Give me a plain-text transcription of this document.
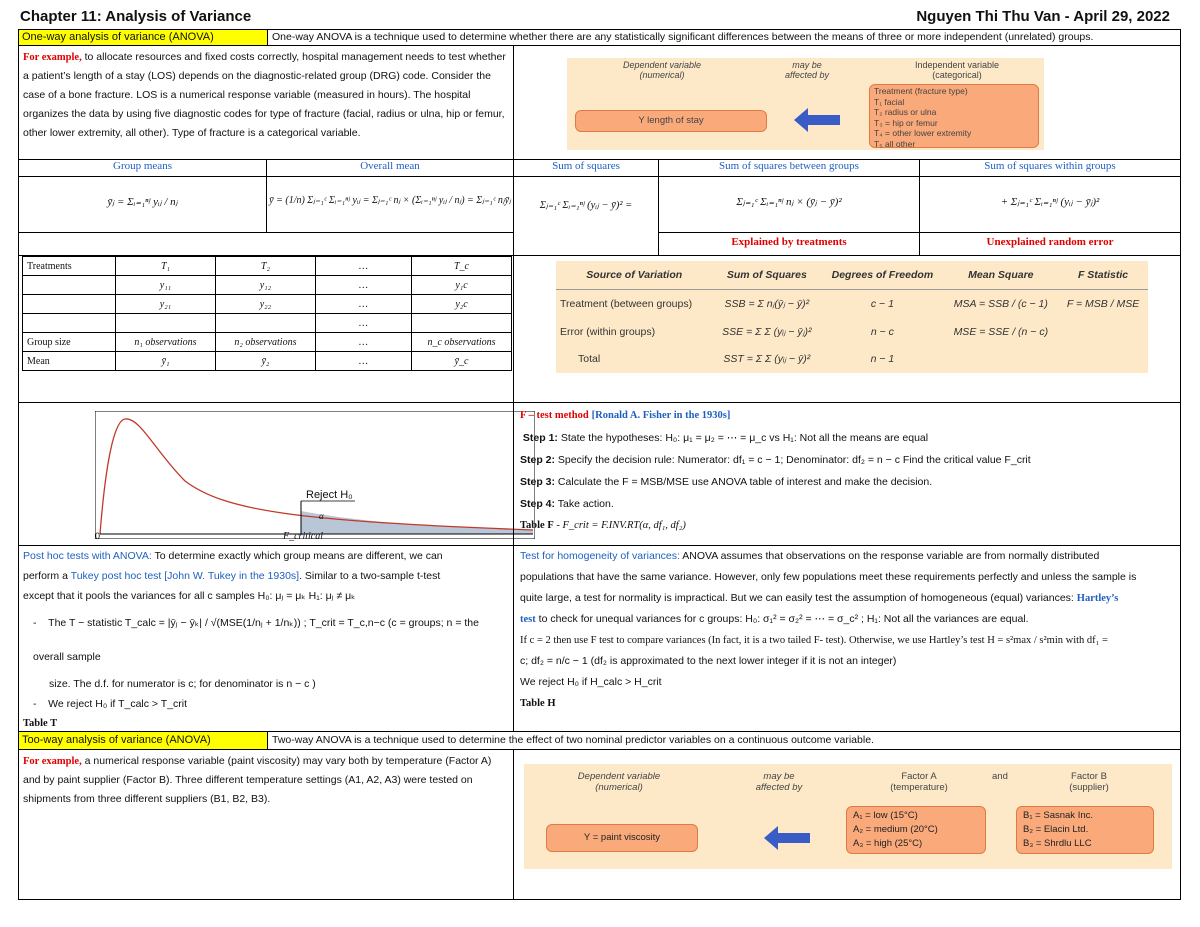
Chapter 11: Analysis of Variance	Nguyen Thi Thu Van - April 29, 2022
One-way analysis of variance (ANOVA)	One-way ANOVA is a technique used to determine whether there are any statistically significant differences between the means of three or more independent (unrelated) groups.
For example, to allocate resources and fixed costs correctly, hospital management needs to test whether a patient’s length of a stay (LOS) depends on the diagnostic-related group (DRG) code. Consider the case of a bone fracture. LOS is a numerical response variable (measured in hours). The hospital organizes the data by using five diagnostic codes for type of fracture (facial, radius or ulna, hip or femur, other lower extremity, all other). Type of fracture is a categorical variable.
Dependent variable
(numerical)
may be
affected by
Independent variable
(categorical)
Y length of stay
Treatment (fracture type)
T₁ facial
T₂ radius or ulna
T₃ = hip or femur
T₄ = other lower extremity
T₅ all other
Group means	Overall mean	Sum of squares	Sum of squares between groups	Sum of squares within groups
ȳⱼ = Σᵢ₌₁ⁿʲ yᵢⱼ / nⱼ	ȳ = (1/n) Σⱼ₌₁ᶜ Σᵢ₌₁ⁿʲ yᵢⱼ = Σⱼ₌₁ᶜ nⱼ × (Σᵢ₌₁ⁿʲ yᵢⱼ / nⱼ) = Σⱼ₌₁ᶜ nⱼȳⱼ	Σⱼ₌₁ᶜ Σᵢ₌₁ⁿʲ (yᵢⱼ − ȳ)² =	Σⱼ₌₁ᶜ Σᵢ₌₁ⁿʲ nⱼ × (ȳⱼ − ȳ)²	+ Σⱼ₌₁ᶜ Σᵢ₌₁ⁿʲ (yᵢⱼ − ȳⱼ)²
Explained by treatments	Unexplained random error
Treatments	T₁	T₂	…	T_c
	y₁₁	y₁₂	…	y₁c
	y₂₁	y₂₂	…	y₂c
			…	
Group size	n₁ observations	n₂ observations	…	n_c observations
Mean	ȳ₁	ȳ₂	…	ȳ_c
Source of Variation	Sum of Squares	Degrees of Freedom	Mean Square	F Statistic
Treatment (between groups)	SSB = Σ nⱼ(ȳⱼ − ȳ)²	c − 1	MSA = SSB / (c − 1)	F = MSB / MSE
Error (within groups)	SSE = Σ Σ (yᵢⱼ − ȳⱼ)²	n − c	MSE = SSE / (n − c)	
Total	SST = Σ Σ (yᵢⱼ − ȳ)²	n − 1		
Reject H₀
α
0	F_critical
F – test method [Ronald A. Fisher in the 1930s]
Step 1: State the hypotheses: H₀: μ₁ = μ₂ = ⋯ = μ_c vs H₁: Not all the means are equal
Step 2: Specify the decision rule: Numerator: df₁ = c − 1; Denominator: df₂ = n − c Find the critical value F_crit
Step 3: Calculate the F = MSB/MSE use ANOVA table of interest and make the decision.
Step 4: Take action.
Table F - F_crit = F.INV.RT(α, df₁, df₂)
Post hoc tests with ANOVA: To determine exactly which group means are different, we can
perform a Tukey post hoc test [John W. Tukey in the 1930s]. Similar to a two-sample t-test
except that it pools the variances for all c samples H₀: μⱼ = μₖ H₁: μⱼ ≠ μₖ
-    The T − statistic T_calc = |ȳⱼ − ȳₖ| / √(MSE(1/nⱼ + 1/nₖ)) ; T_crit = T_c,n−c (c = groups; n = the overall sample
size. The d.f. for numerator is c; for denominator is n − c )
-    We reject H₀ if T_calc > T_crit
Table T
Test for homogeneity of variances: ANOVA assumes that observations on the response variable are from normally distributed
populations that have the same variance. However, only few populations meet these requirements perfectly and unless the sample is
quite large, a test for normality is impractical. But we can easily test the assumption of homogeneous (equal) variances: Hartley’s
test to check for unequal variances for c groups: H₀: σ₁² = σ₂² = ⋯ = σ_c² ; H₁: Not all the variances are equal.
If c = 2 then use F test to compare variances (In fact, it is a two tailed F- test). Otherwise, we use Hartley’s test H = s²max / s²min with df₁ =
c; df₂ = n/c − 1 (df₂ is approximated to the next lower integer if it is not an integer)
We reject H₀ if H_calc > H_crit
Table H
Too-way analysis of variance (ANOVA)	Two-way ANOVA is a technique used to determine the effect of two nominal predictor variables on a continuous outcome variable.
For example, a numerical response variable (paint viscosity) may vary both by temperature (Factor A) and by paint supplier (Factor B). Three different temperature settings (A1, A2, A3) were tested on shipments from three different suppliers (B1, B2, B3).
Dependent variable
(numerical)
may be
affected by
Factor A
(temperature)
and	Factor B
(supplier)
Y = paint viscosity
A₁ = low (15°C)
A₂ = medium (20°C)
A₃ = high (25°C)
B₁ = Sasnak Inc.
B₂ = Elacin Ltd.
B₃ = Shrdlu LLC
